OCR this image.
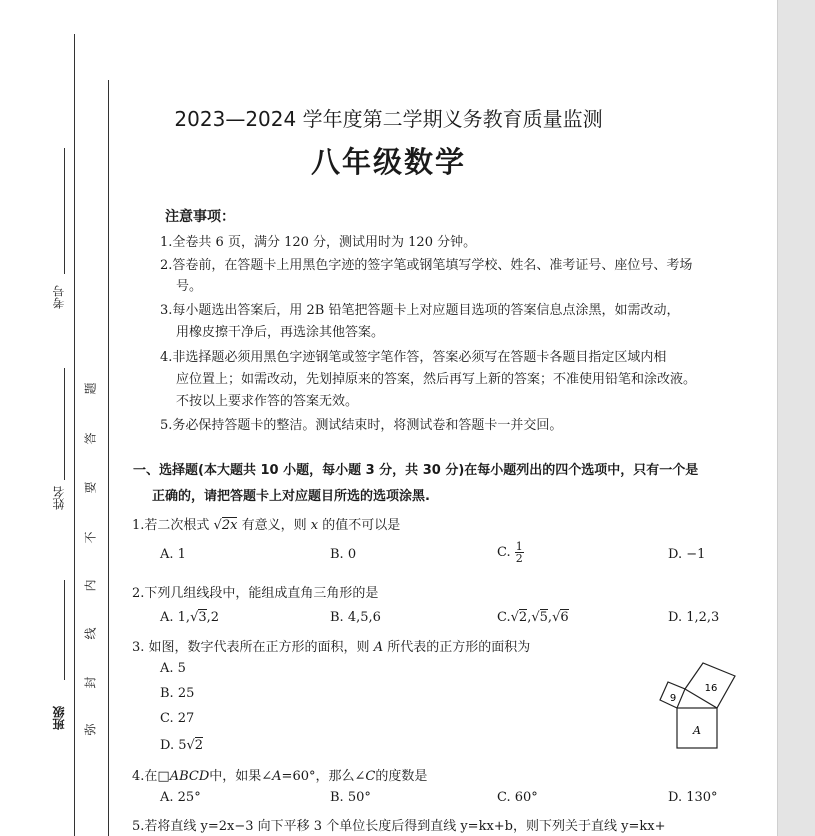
考号
姓名
班级
题
答
要
不
内
线
封
弥
2023—2024 学年度第二学期义务教育质量监测
八年级数学
注意事项：
1.全卷共 6 页，满分 120 分，测试用时为 120 分钟。
2.答卷前，在答题卡上用黑色字迹的签字笔或钢笔填写学校、姓名、准考证号、座位号、考场
号。
3.每小题选出答案后，用 2B 铅笔把答题卡上对应题目选项的答案信息点涂黑，如需改动，
用橡皮擦干净后，再选涂其他答案。
4.非选择题必须用黑色字迹钢笔或签字笔作答，答案必须写在答题卡各题目指定区域内相
应位置上；如需改动，先划掉原来的答案，然后再写上新的答案；不准使用铅笔和涂改液。
不按以上要求作答的答案无效。
5.务必保持答题卡的整洁。测试结束时，将测试卷和答题卡一并交回。
一、选择题(本大题共 10 小题，每小题 3 分，共 30 分)在每小题列出的四个选项中，只有一个是
正确的，请把答题卡上对应题目所选的选项涂黑.
1.若二次根式 √2x 有意义，则 x 的值不可以是
A. 1	B. 0	C. $\frac{1}{2}$	D. −1
2.下列几组线段中，能组成直角三角形的是
A. 1,√3,2	B. 4,5,6	C.√2,√5,√6	D. 1,2,3
3. 如图，数字代表所在正方形的面积，则 A 所代表的正方形的面积为
A. 5
B. 25
C. 27
D. 5√2
9
16
A
4.在□ABCD中，如果∠A=60°，那么∠C的度数是
A. 25°	B. 50°	C. 60°	D. 130°
5.若将直线 y=2x−3 向下平移 3 个单位长度后得到直线 y=kx+b，则下列关于直线 y=kx+
